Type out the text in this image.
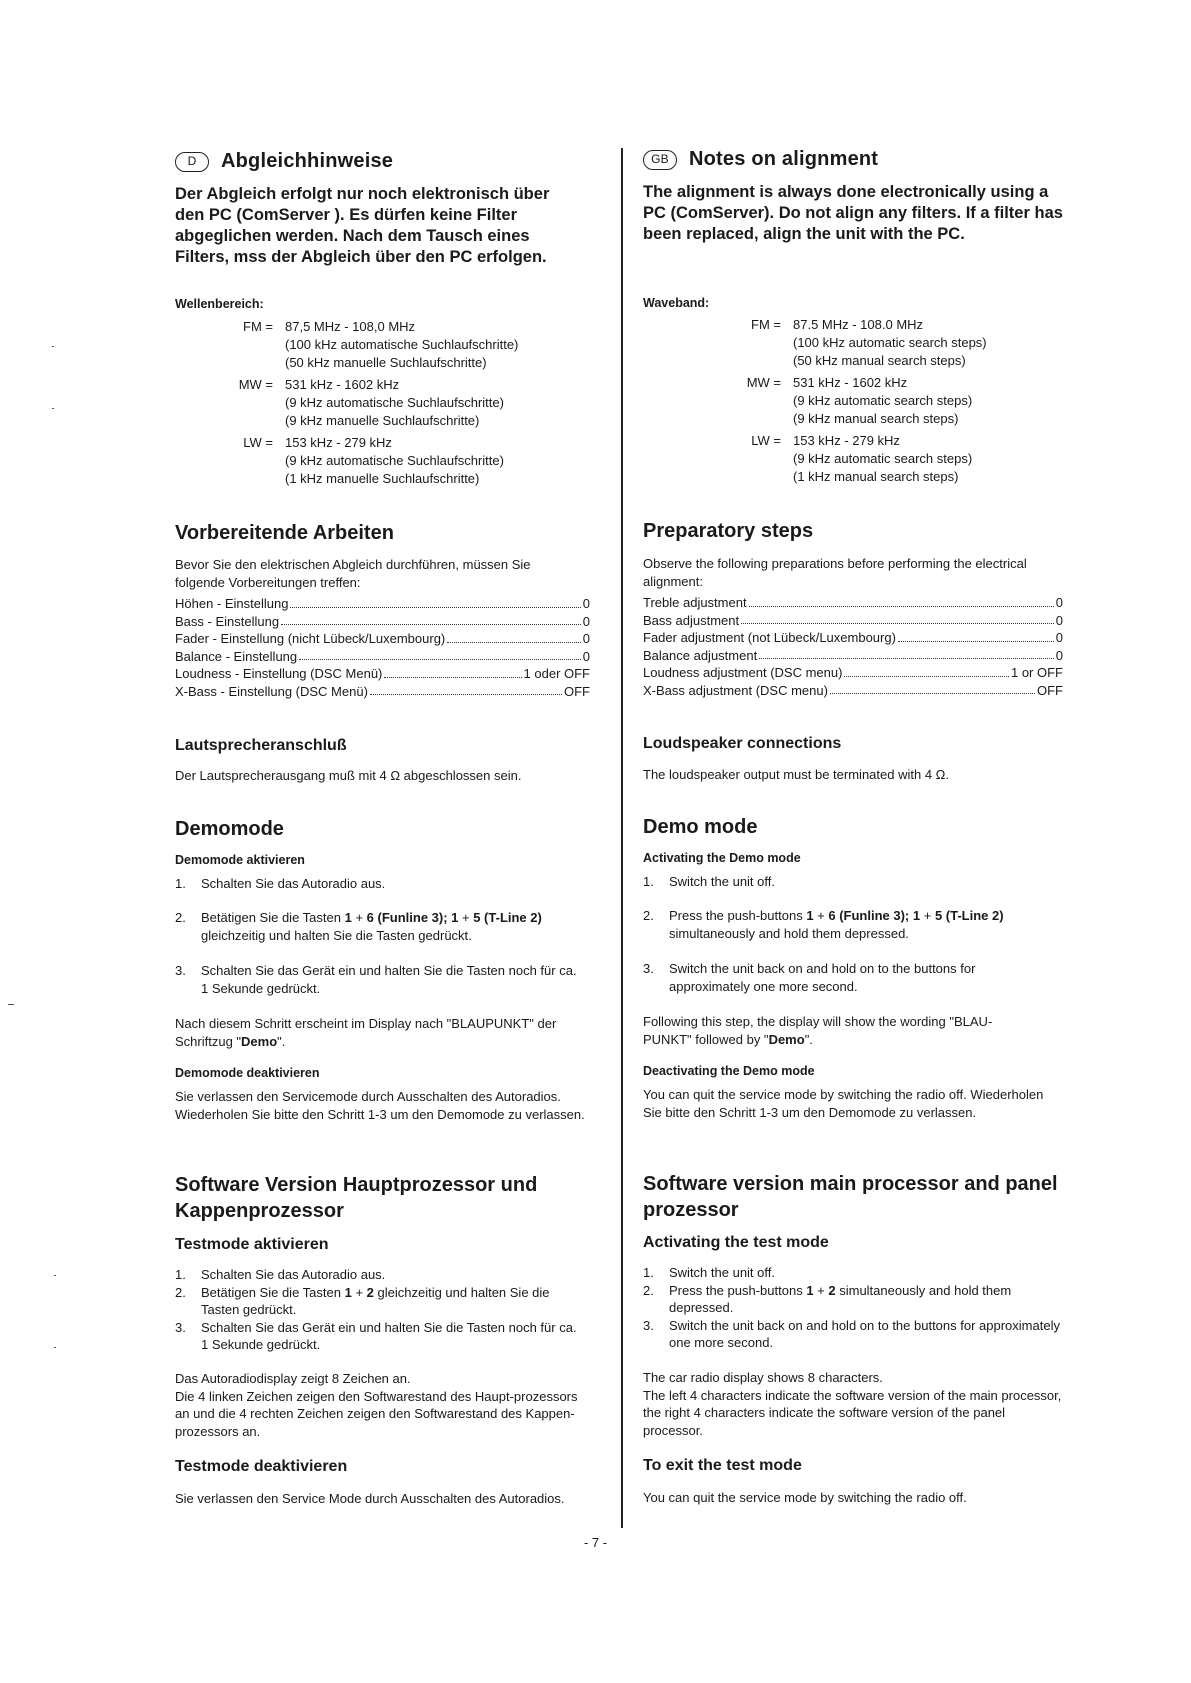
D	Abgleichhinweise
Der Abgleich erfolgt nur noch elektronisch über den PC (ComServer ). Es dürfen keine Filter abgeglichen werden. Nach dem Tausch eines Filters, mss der Abgleich über den PC erfolgen.
Wellenbereich:
FM = 87,5 MHz - 108,0 MHz
(100 kHz automatische Suchlaufschritte)
(50 kHz manuelle Suchlaufschritte)
MW = 531 kHz - 1602 kHz
(9 kHz automatische Suchlaufschritte)
(9 kHz manuelle Suchlaufschritte)
LW = 153 kHz - 279 kHz
(9 kHz automatische Suchlaufschritte)
(1 kHz manuelle Suchlaufschritte)
Vorbereitende Arbeiten
Bevor Sie den elektrischen Abgleich durchführen, müssen Sie folgende Vorbereitungen treffen:
Höhen - Einstellung	0
Bass - Einstellung	0
Fader - Einstellung (nicht Lübeck/Luxembourg)	0
Balance - Einstellung	0
Loudness - Einstellung (DSC Menü)	1 oder OFF
X-Bass - Einstellung (DSC Menü)	OFF
Lautsprecheranschluß
Der Lautsprecherausgang muß mit 4 Ω abgeschlossen sein.
Demomode
Demomode aktivieren
1.	Schalten Sie das Autoradio aus.
2.	Betätigen Sie die Tasten 1 + 6 (Funline 3); 1 + 5 (T-Line 2) gleichzeitig und halten Sie die Tasten gedrückt.
3.	Schalten Sie das Gerät ein und halten Sie die Tasten noch für ca. 1 Sekunde gedrückt.
Nach diesem Schritt erscheint im Display nach "BLAUPUNKT" der Schriftzug "Demo".
Demomode deaktivieren
Sie verlassen den Servicemode durch Ausschalten des Autoradios. Wiederholen Sie bitte den Schritt 1-3 um den Demomode zu verlassen.
Software Version Hauptprozessor und Kappenprozessor
Testmode aktivieren
1.	Schalten Sie das Autoradio aus.
2.	Betätigen Sie die Tasten 1 + 2 gleichzeitig und halten Sie die Tasten gedrückt.
3.	Schalten Sie das Gerät ein und halten Sie die Tasten noch für ca. 1 Sekunde gedrückt.
Das Autoradiodisplay zeigt 8 Zeichen an.
Die 4 linken Zeichen zeigen den Softwarestand des Haupt-prozessors an und die 4 rechten Zeichen zeigen den Softwarestand des Kappen- prozessors an.
Testmode deaktivieren
Sie verlassen den Service Mode durch Ausschalten des Autoradios.
GB	Notes on alignment
The alignment is always done electronically using a PC (ComServer). Do not align any filters. If a filter has been replaced, align the unit with the PC.
Waveband:
FM = 87.5 MHz - 108.0 MHz
(100 kHz automatic search steps)
(50 kHz manual search steps)
MW = 531 kHz - 1602 kHz
(9 kHz automatic search steps)
(9 kHz manual search steps)
LW = 153 kHz - 279 kHz
(9 kHz automatic search steps)
(1 kHz manual search steps)
Preparatory steps
Observe the following preparations before performing the electrical alignment:
Treble adjustment	0
Bass adjustment	0
Fader adjustment (not Lübeck/Luxembourg)	0
Balance adjustment	0
Loudness adjustment (DSC menu)	1 or OFF
X-Bass adjustment (DSC menu)	OFF
Loudspeaker connections
The loudspeaker output must be terminated with 4 Ω.
Demo mode
Activating the Demo mode
1.	Switch the unit off.
2.	Press the push-buttons 1 + 6 (Funline 3); 1 + 5 (T-Line 2) simultaneously and hold them depressed.
3.	Switch the unit back on and hold on to the buttons for approximately one more second.
Following this step, the display will show the wording "BLAU-PUNKT" followed by "Demo".
Deactivating the Demo mode
You can quit the service mode by switching the radio off. Wiederholen Sie bitte den Schritt 1-3 um den Demomode zu verlassen.
Software version main processor and panel prozessor
Activating the test mode
1.	Switch the unit off.
2.	Press the push-buttons 1 + 2 simultaneously and hold them depressed.
3.	Switch the unit back on and hold on to the buttons for approximately one more second.
The car radio display shows 8 characters.
The left 4 characters indicate the software version of the main processor, the right 4 characters indicate the software version of the panel processor.
To exit the test mode
You can quit the service mode by switching the radio off.
- 7 -
